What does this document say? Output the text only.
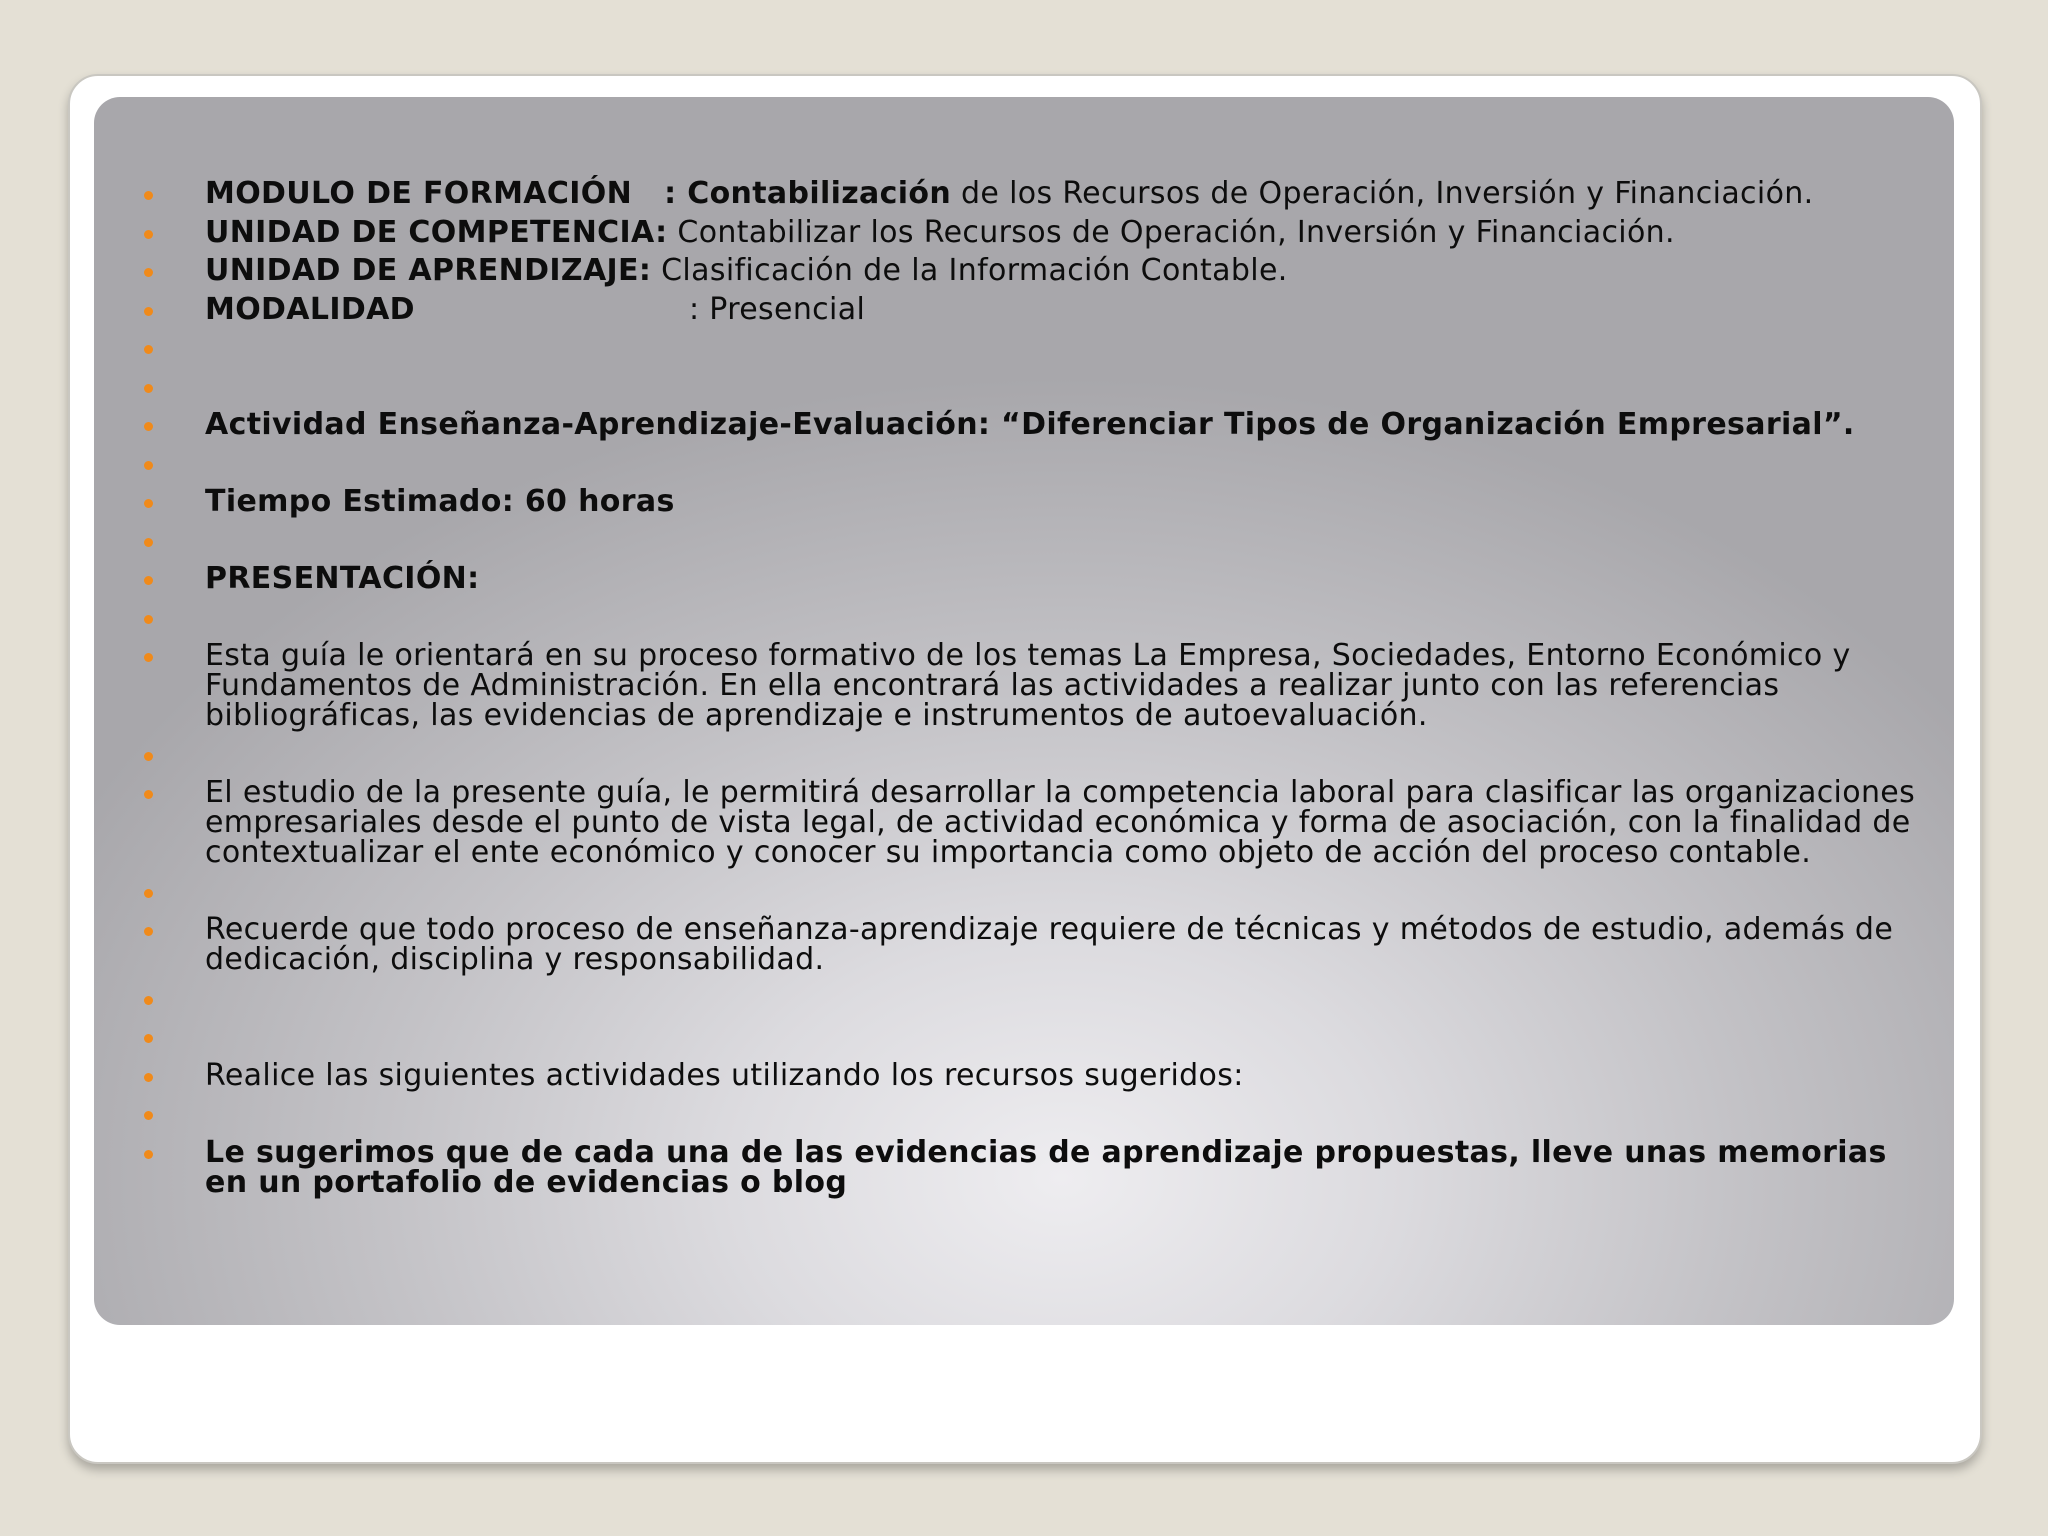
MODULO DE FORMACIÓN : Contabilización de los Recursos de Operación, Inversión y Financiación.
UNIDAD DE COMPETENCIA: Contabilizar los Recursos de Operación, Inversión y Financiación.
UNIDAD DE APRENDIZAJE: Clasificación de la Información Contable.
MODALIDAD	: Presencial
Actividad Enseñanza-Aprendizaje-Evaluación: “Diferenciar Tipos de Organización Empresarial”.
Tiempo Estimado: 60 horas
PRESENTACIÓN:
Esta guía le orientará en su proceso formativo de los temas La Empresa, Sociedades, Entorno Económico y Fundamentos de Administración. En ella encontrará las actividades a realizar junto con las referencias bibliográficas, las evidencias de aprendizaje e instrumentos de autoevaluación.
El estudio de la presente guía, le permitirá desarrollar la competencia laboral para clasificar las organizaciones empresariales desde el punto de vista legal, de actividad económica y forma de asociación, con la finalidad de contextualizar el ente económico y conocer su importancia como objeto de acción del proceso contable.
Recuerde que todo proceso de enseñanza-aprendizaje requiere de técnicas y métodos de estudio, además de dedicación, disciplina y responsabilidad.
Realice las siguientes actividades utilizando los recursos sugeridos:
Le sugerimos que de cada una de las evidencias de aprendizaje propuestas, lleve unas memorias en un portafolio de evidencias o blog
